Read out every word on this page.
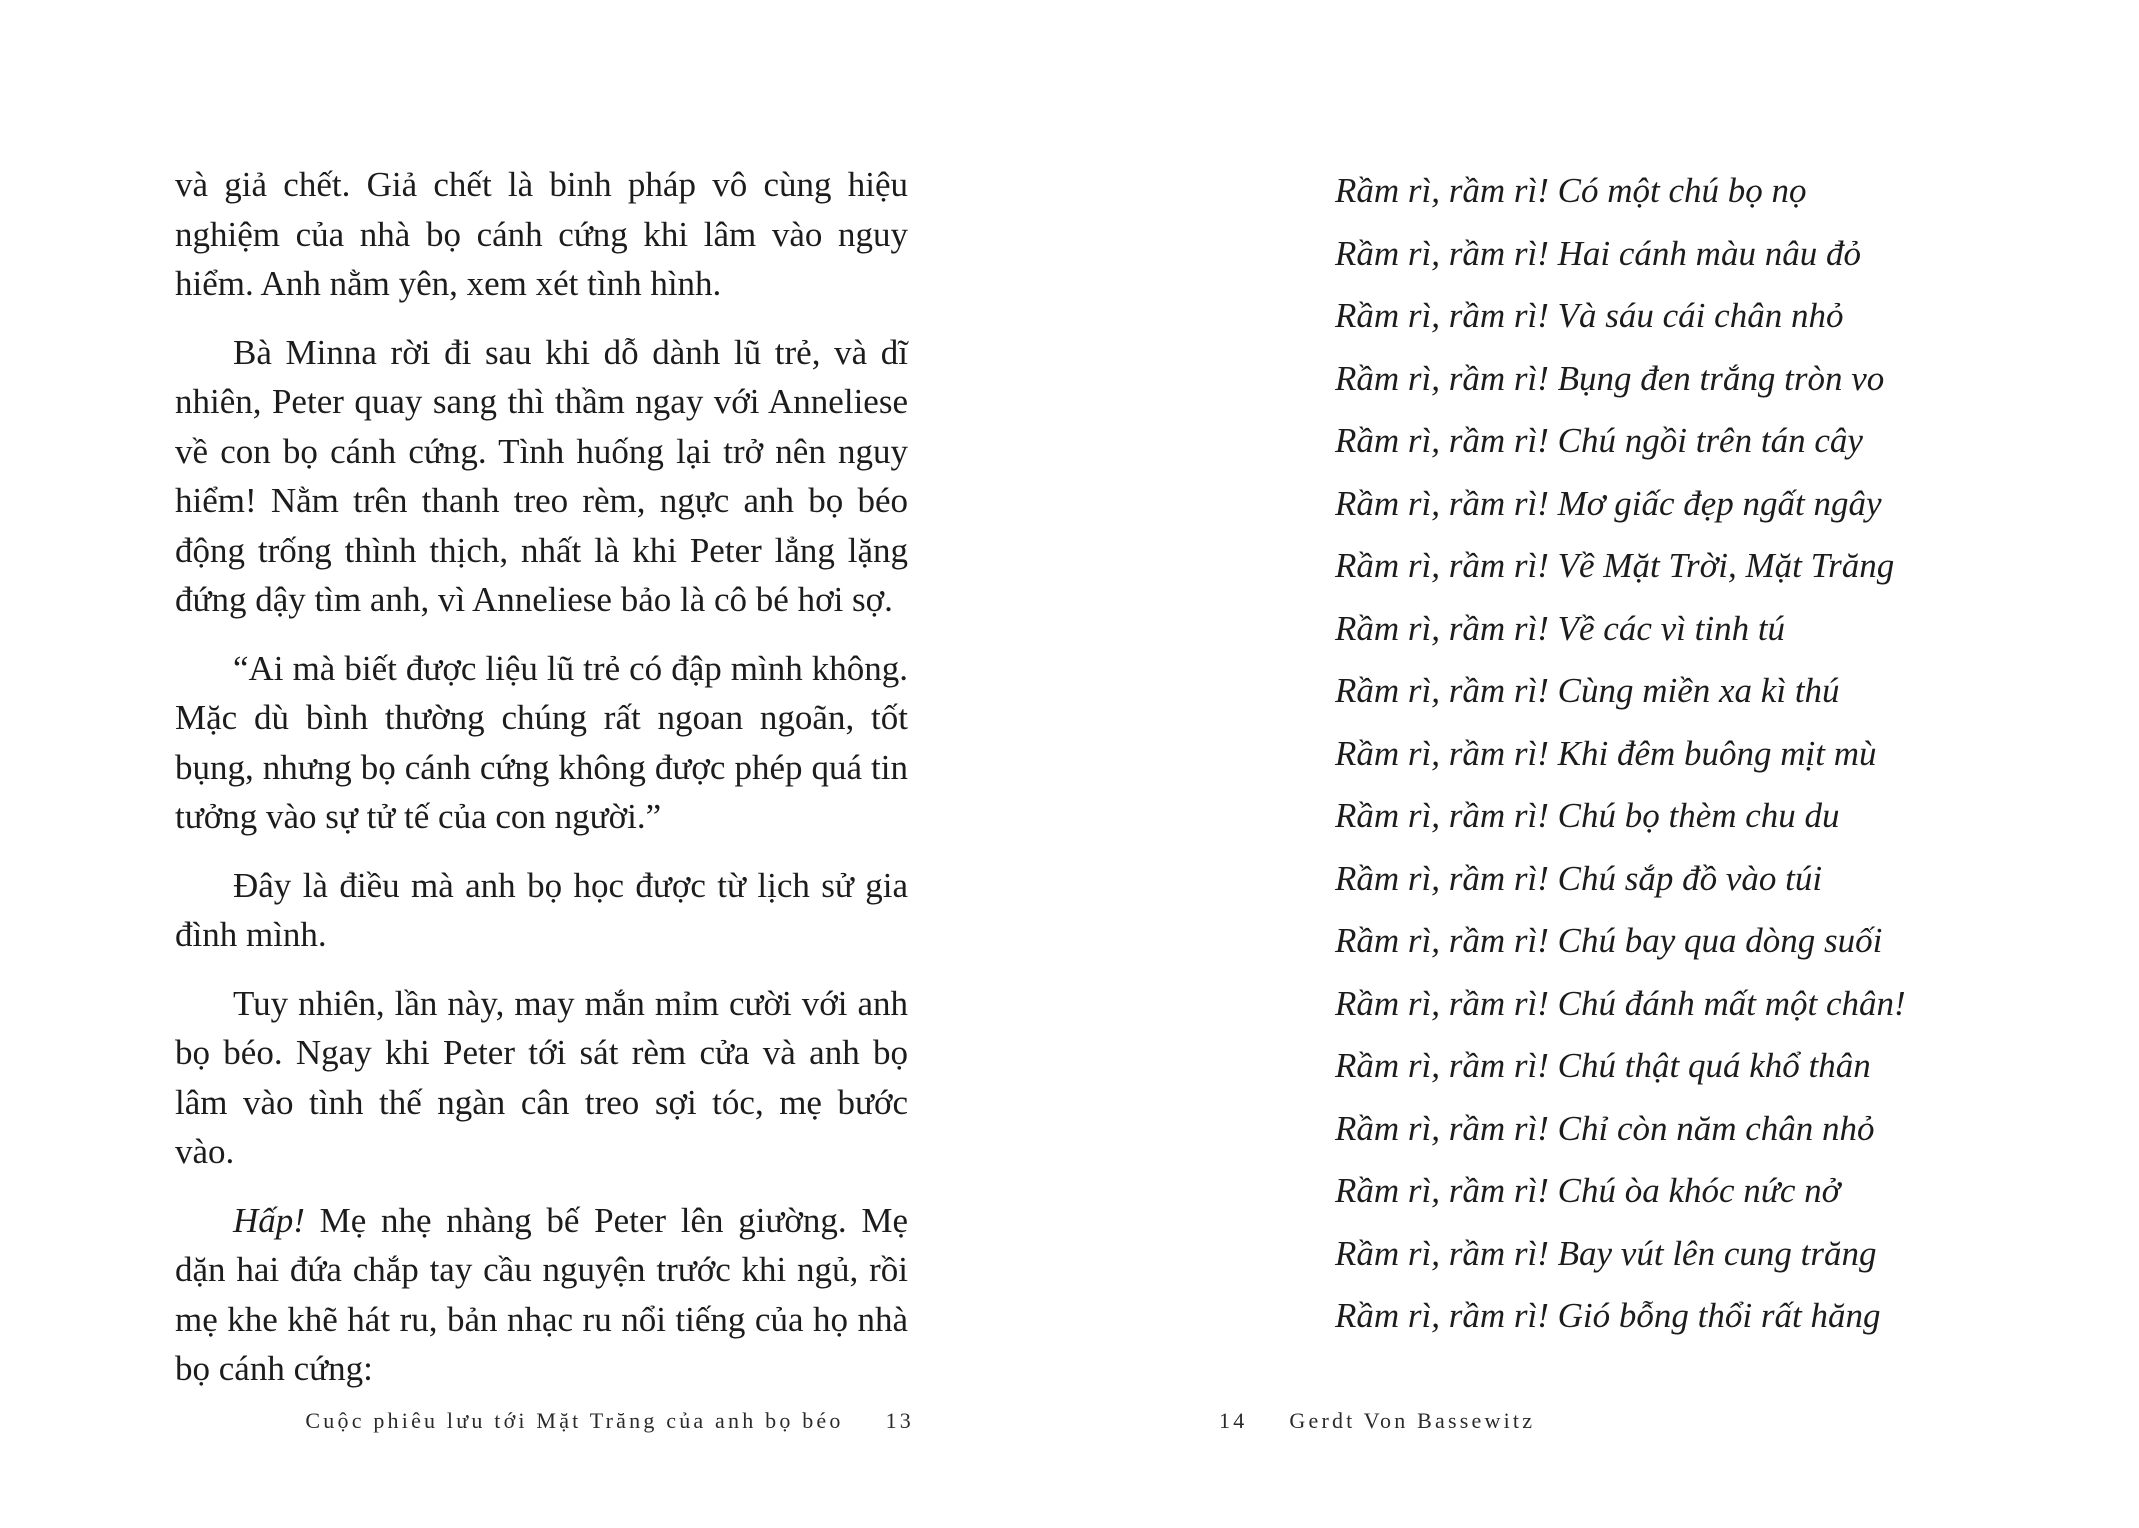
và giả chết. Giả chết là binh pháp vô cùng hiệu nghiệm của nhà bọ cánh cứng khi lâm vào nguy hiểm. Anh nằm yên, xem xét tình hình.

Bà Minna rời đi sau khi dỗ dành lũ trẻ, và dĩ nhiên, Peter quay sang thì thầm ngay với Anneliese về con bọ cánh cứng. Tình huống lại trở nên nguy hiểm! Nằm trên thanh treo rèm, ngực anh bọ béo động trống thình thịch, nhất là khi Peter lẳng lặng đứng dậy tìm anh, vì Anneliese bảo là cô bé hơi sợ.

“Ai mà biết được liệu lũ trẻ có đập mình không. Mặc dù bình thường chúng rất ngoan ngoãn, tốt bụng, nhưng bọ cánh cứng không được phép quá tin tưởng vào sự tử tế của con người.”

Đây là điều mà anh bọ học được từ lịch sử gia đình mình.

Tuy nhiên, lần này, may mắn mỉm cười với anh bọ béo. Ngay khi Peter tới sát rèm cửa và anh bọ lâm vào tình thế ngàn cân treo sợi tóc, mẹ bước vào.

Hấp! Mẹ nhẹ nhàng bế Peter lên giường. Mẹ dặn hai đứa chắp tay cầu nguyện trước khi ngủ, rồi mẹ khe khẽ hát ru, bản nhạc ru nổi tiếng của họ nhà bọ cánh cứng:

Cuộc phiêu lưu tới Mặt Trăng của anh bọ béo 13
Rầm rì, rầm rì! Có một chú bọ nọ
Rầm rì, rầm rì! Hai cánh màu nâu đỏ
Rầm rì, rầm rì! Và sáu cái chân nhỏ
Rầm rì, rầm rì! Bụng đen trắng tròn vo
Rầm rì, rầm rì! Chú ngồi trên tán cây
Rầm rì, rầm rì! Mơ giấc đẹp ngất ngây
Rầm rì, rầm rì! Về Mặt Trời, Mặt Trăng
Rầm rì, rầm rì! Về các vì tinh tú
Rầm rì, rầm rì! Cùng miền xa kì thú
Rầm rì, rầm rì! Khi đêm buông mịt mù
Rầm rì, rầm rì! Chú bọ thèm chu du
Rầm rì, rầm rì! Chú sắp đồ vào túi
Rầm rì, rầm rì! Chú bay qua dòng suối
Rầm rì, rầm rì! Chú đánh mất một chân!
Rầm rì, rầm rì! Chú thật quá khổ thân
Rầm rì, rầm rì! Chỉ còn năm chân nhỏ
Rầm rì, rầm rì! Chú òa khóc nức nở
Rầm rì, rầm rì! Bay vút lên cung trăng
Rầm rì, rầm rì! Gió bỗng thổi rất hăng
14 Gerdt Von Bassewitz
